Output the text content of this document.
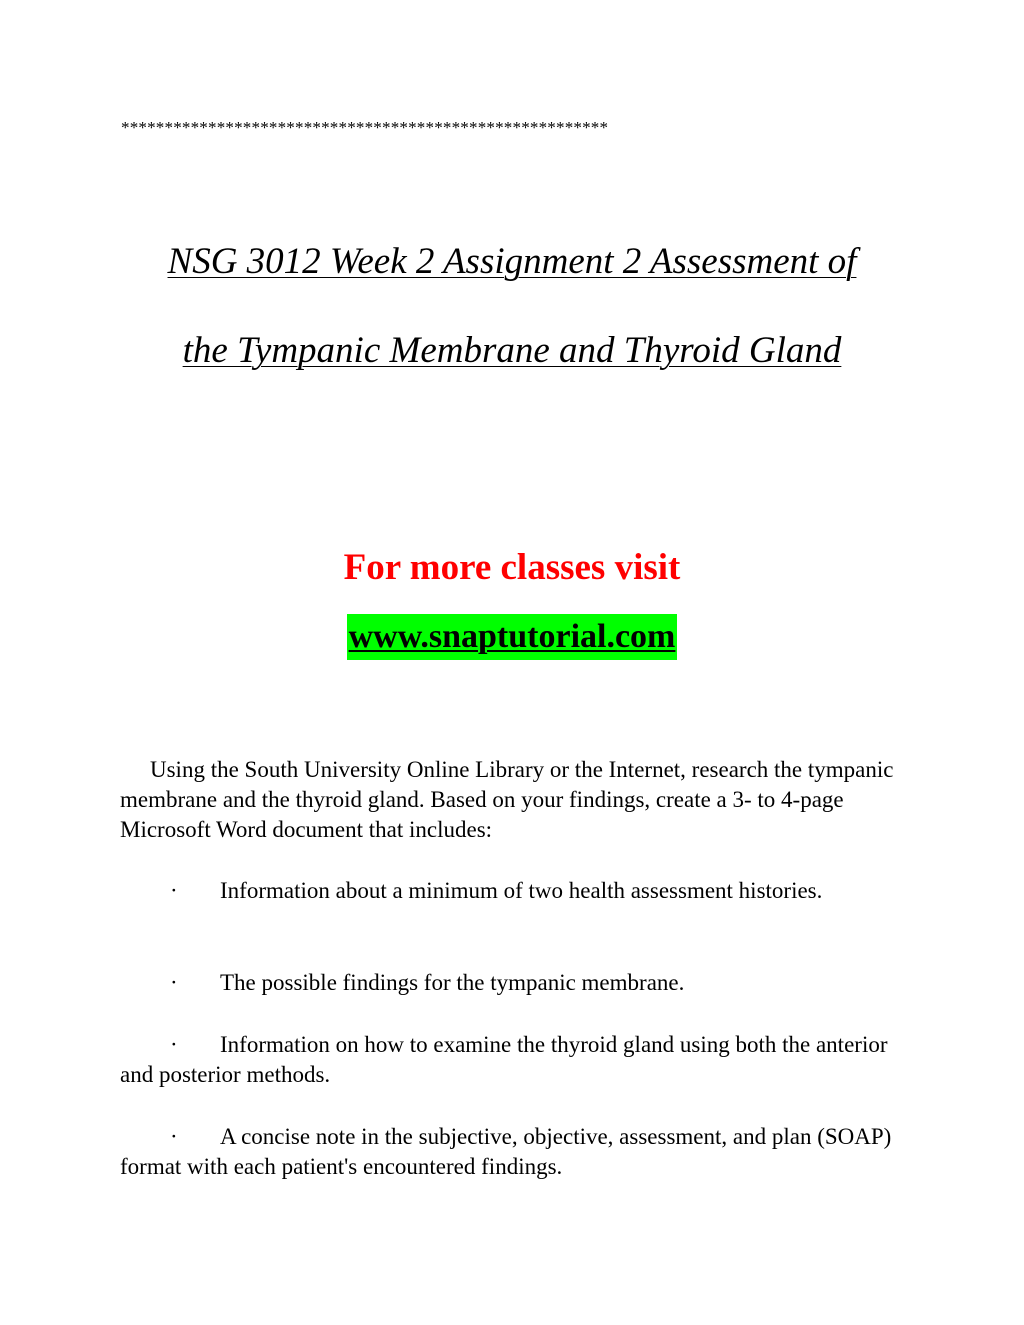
********************************************************
NSG 3012 Week 2 Assignment 2 Assessment of
the Tympanic Membrane and Thyroid Gland
For more classes visit
www.snaptutorial.com
Using the South University Online Library or the Internet, research the tympanic membrane and the thyroid gland. Based on your findings, create a 3- to 4-page Microsoft Word document that includes:
· Information about a minimum of two health assessment histories.
· The possible findings for the tympanic membrane.
· Information on how to examine the thyroid gland using both the anterior and posterior methods.
· A concise note in the subjective, objective, assessment, and plan (SOAP) format with each patient's encountered findings.
